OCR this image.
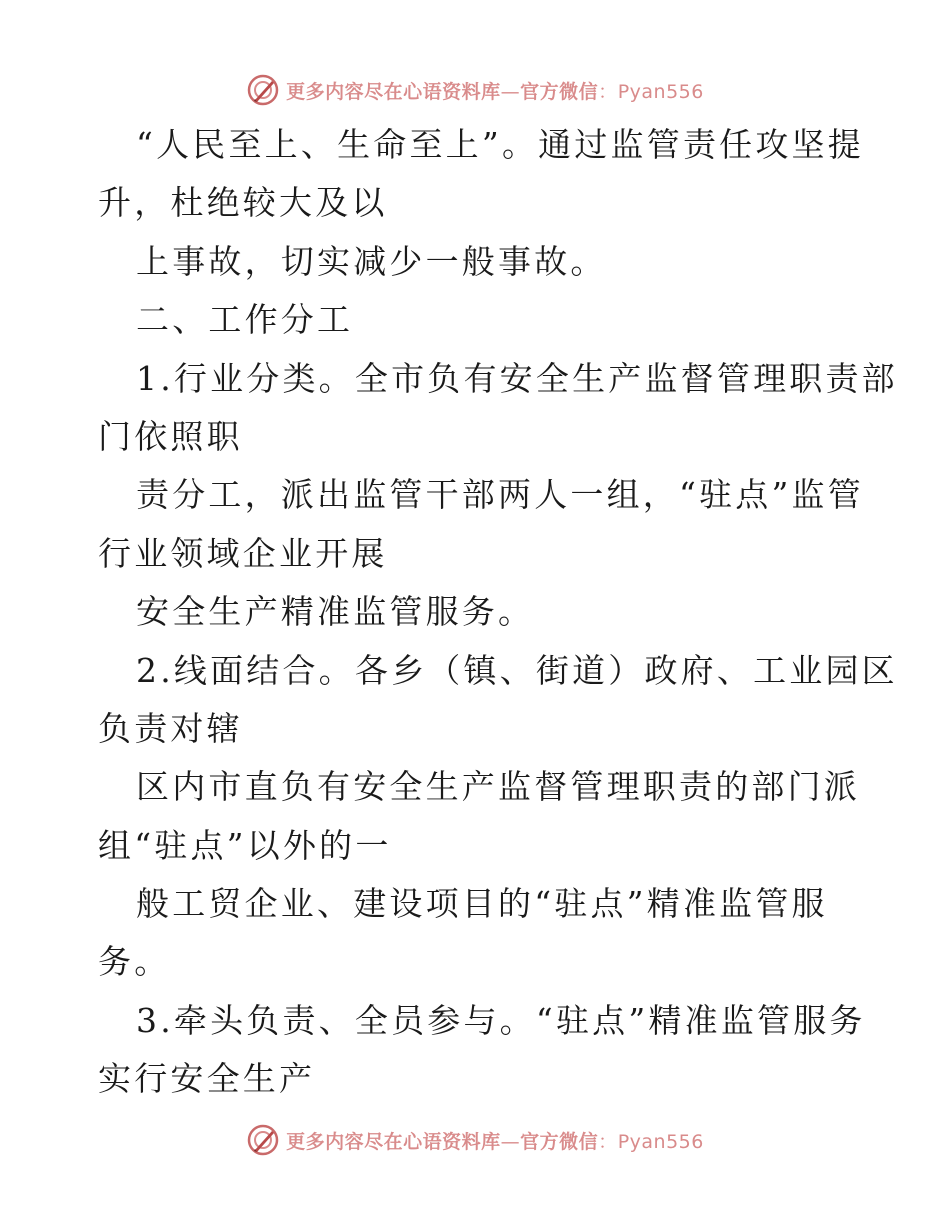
更多内容尽在心语资料库—官方微信：Pyan556
“人民至上、生命至上”。通过监管责任攻坚提
升，杜绝较大及以
上事故，切实减少一般事故。
二、工作分工
1.行业分类。全市负有安全生产监督管理职责部
门依照职
责分工，派出监管干部两人一组，“驻点”监管
行业领域企业开展
安全生产精准监管服务。
2.线面结合。各乡（镇、街道）政府、工业园区
负责对辖
区内市直负有安全生产监督管理职责的部门派
组“驻点”以外的一
般工贸企业、建设项目的“驻点”精准监管服
务。
3.牵头负责、全员参与。“驻点”精准监管服务
实行安全生产
更多内容尽在心语资料库—官方微信：Pyan556
